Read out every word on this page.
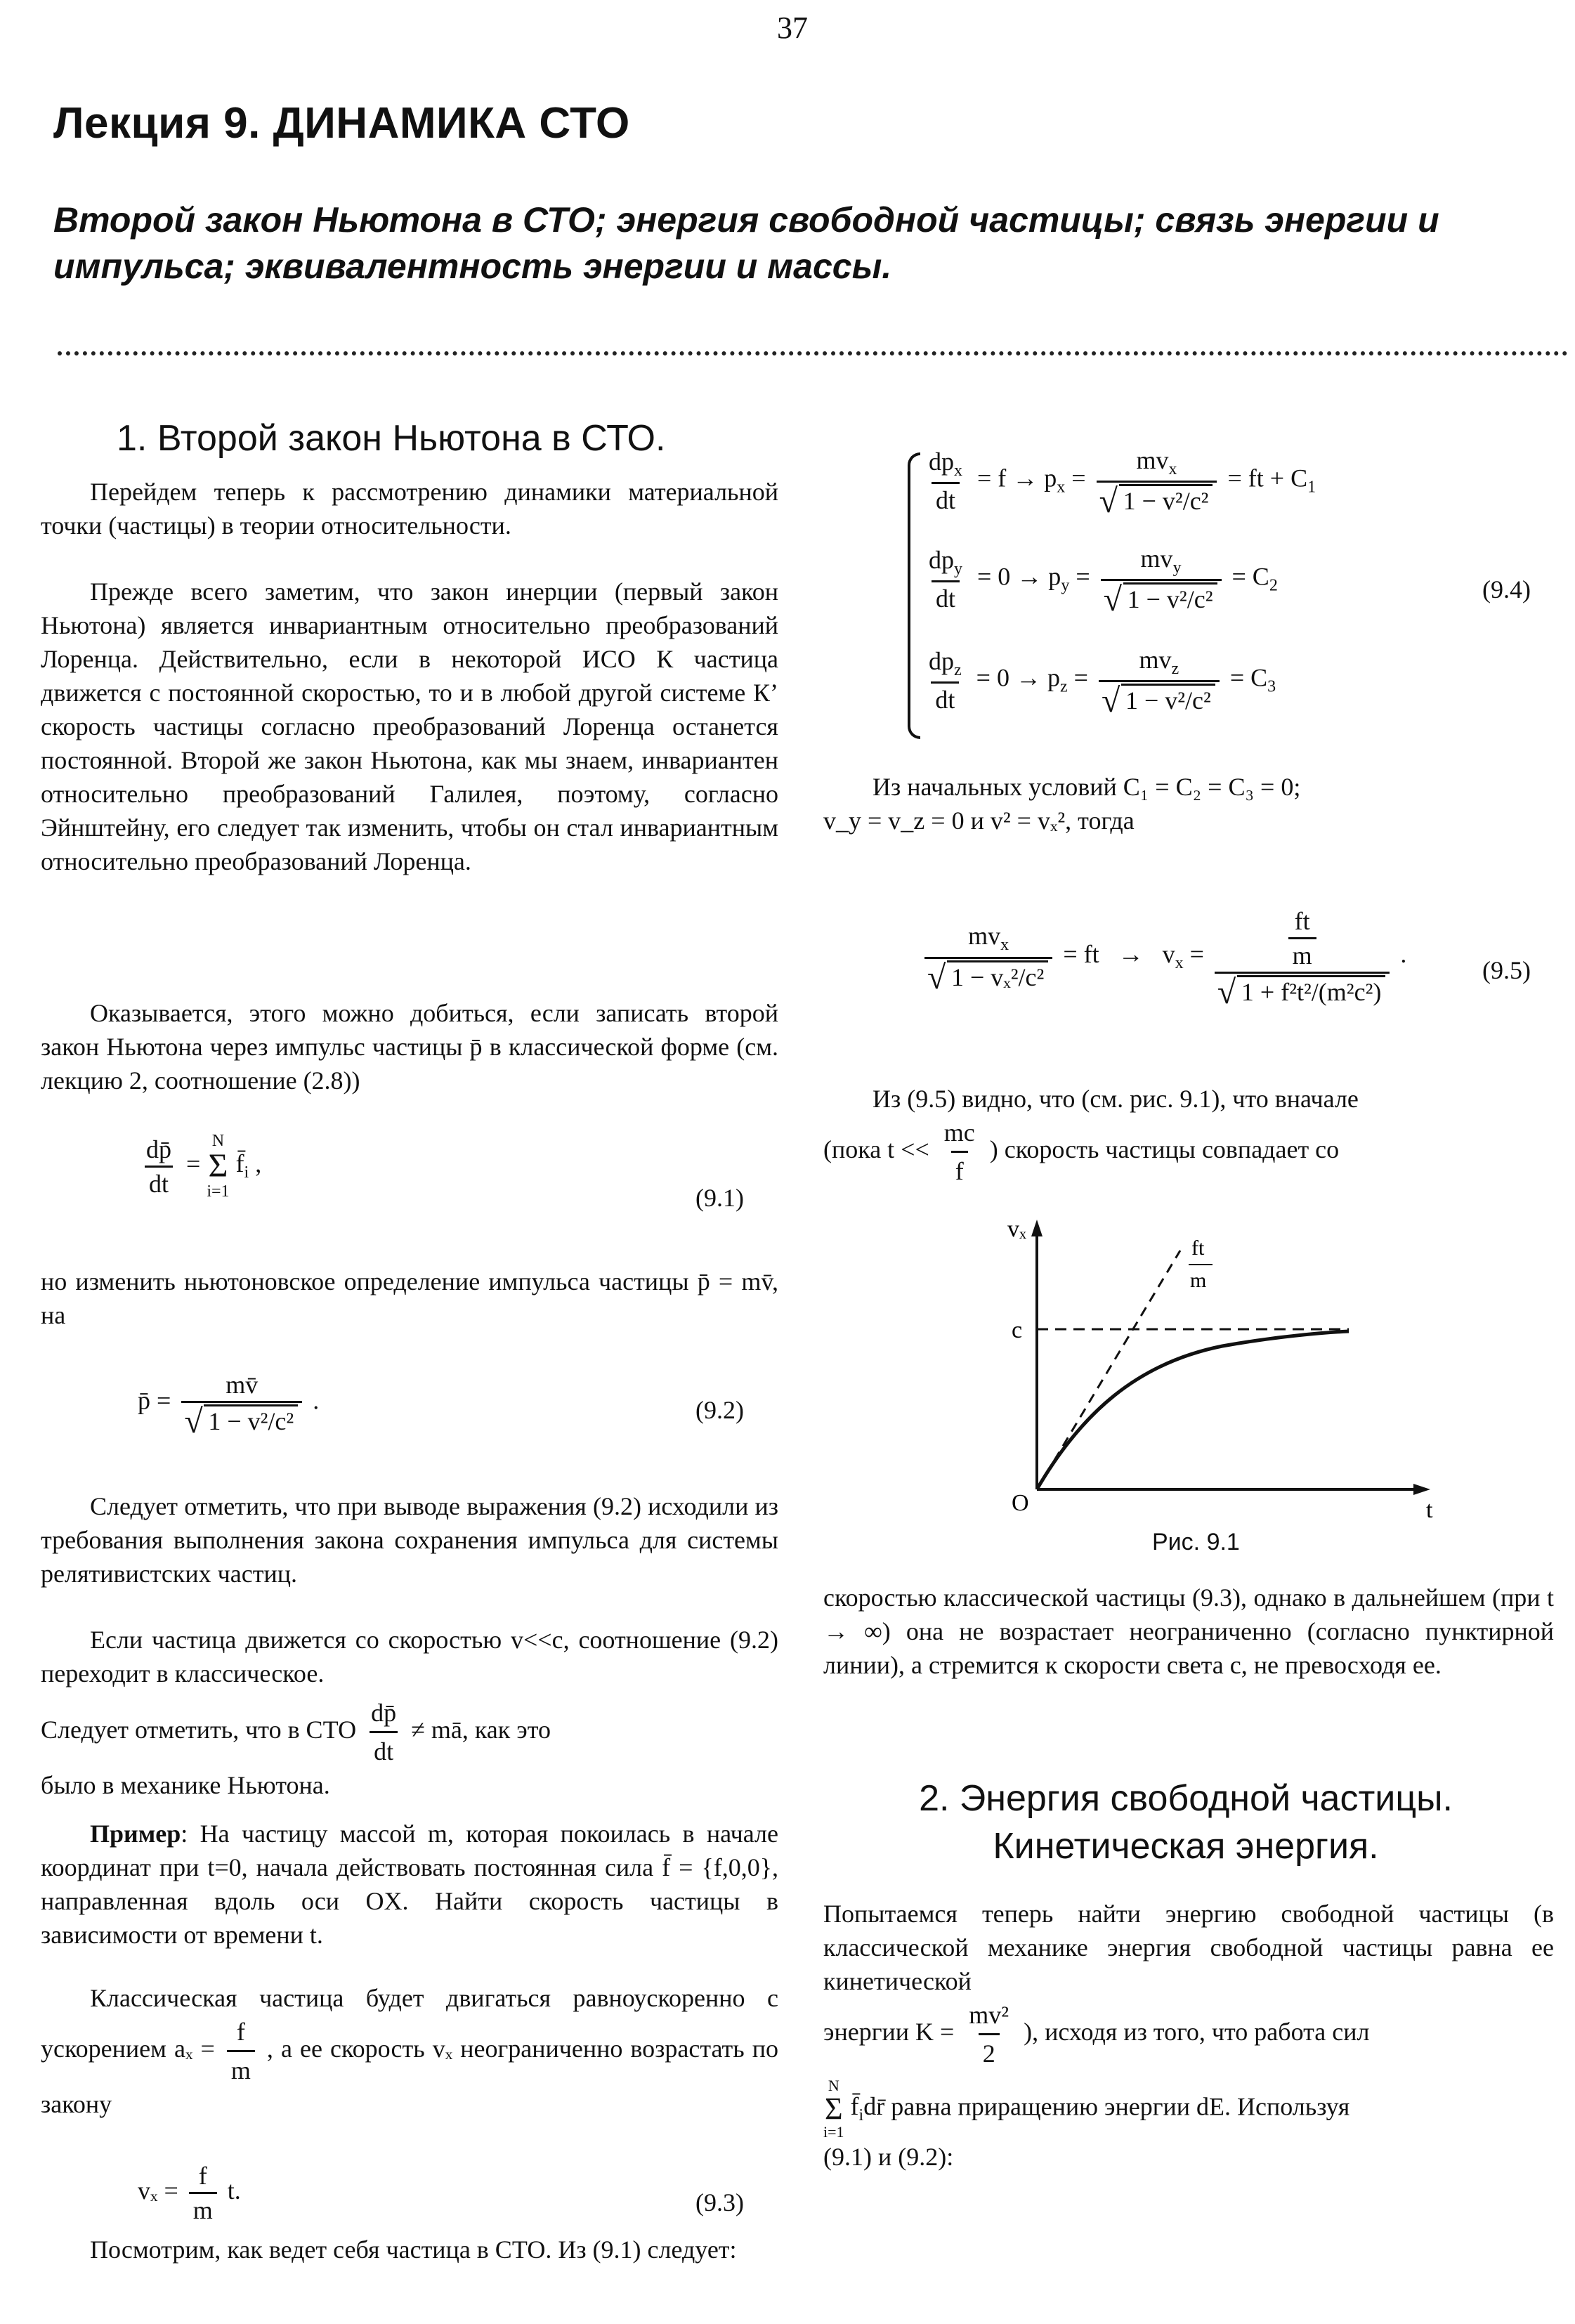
37
Лекция 9. ДИНАМИКА СТО
Второй закон Ньютона в СТО; энергия свободной частицы; связь энергии и импульса; эквивалентность энергии и массы.
1. Второй закон Ньютона в СТО.
Перейдем теперь к рассмотрению динамики материальной точки (частицы) в теории относительности.
Прежде всего заметим, что закон инерции (первый закон Ньютона) является инвариантным относительно преобразований Лоренца. Действительно, если в некоторой ИСО К частица движется с постоянной скоростью, то и в любой другой системе К’ скорость частицы согласно преобразований Лоренца останется постоянной. Второй же закон Ньютона, как мы знаем, инвариантен относительно преобразований Галилея, поэтому, согласно Эйнштейну, его следует так изменить, чтобы он стал инвариантным относительно преобразований Лоренца.
Оказывается, этого можно добиться, если записать второй закон Ньютона через импульс частицы p̄ в классической форме (см. лекцию 2, соотношение (2.8))
$\frac{dp̄}{dt}$ =
N
Σ
i=1
$f̄_i$ ,
(9.1)
но изменить ньютоновское определение импульса частицы p̄ = mv̄, на
p̄ = mv̄
√ 1 − v²/c² .	(9.2)
Следует отметить, что при выводе выражения (9.2) исходили из требования выполнения закона сохранения импульса для системы релятивистских частиц.
Если частица движется со скоростью v<<c, соотношение (9.2) переходит в классическое.
Следует отметить, что в СТО $\frac{dp̄}{dt}$ ≠ mā, как это
было в механике Ньютона.
Пример: На частицу массой m, которая покоилась в начале координат при t=0, начала действовать постоянная сила f̄ = {f,0,0}, направленная вдоль оси OX. Найти скорость частицы в зависимости от времени t.
Классическая частица будет двигаться равноускоренно с ускорением $a_x = \frac{f}{m}$ , а ее скорость vₓ неограниченно возрастать по закону
$v_x = \frac{f}{m} t$.	(9.3)
Посмотрим, как ведет себя частица в СТО. Из (9.1) следует:
$\frac{dp_x}{dt} = f \to p_x = mv_x$
√ 1 − v²/c² = ft + $C_1$
$\frac{dp_y}{dt} = 0 \to p_y = mv_y$
√ $1 - v^2/c^2 = C_2$
$\frac{dp_z}{dt} = 0 \to p_z = mv_z$
√ $1 - v^2/c^2 = C_3$
(9.4)
Из начальных условий C₁ = C₂ = C₃ = 0;
v_y = v_z = 0 и v² = vₓ², тогда
$mv_x$
√ 1 − vₓ²/c² = ft   →   $v_x = \frac{ft}{m}$
√ 1 + f²t²/(m²c²) .
(9.5)
Из (9.5) видно, что (см. рис. 9.1), что вначале
(пока $t << \frac{mc}{f}$ ) скорость частицы совпадает со
vₓ
t
O
c
ft
m
Рис. 9.1
скоростью классической частицы (9.3), однако в дальнейшем (при t → ∞) она не возрастает неограниченно (согласно пунктирной линии), а стремится к скорости света c, не превосходя ее.
2. Энергия свободной частицы.
Кинетическая энергия.
Попытаемся теперь найти энергию свободной частицы (в классической механике энергия свободной частицы равна ее кинетической
энергии $K = \frac{\text{mv²}}{2}$ ), исходя из того, что работа сил
N
Σ
i=1
$f̄_idr̄$ равна приращению энергии dE. Используя
(9.1) и (9.2):
